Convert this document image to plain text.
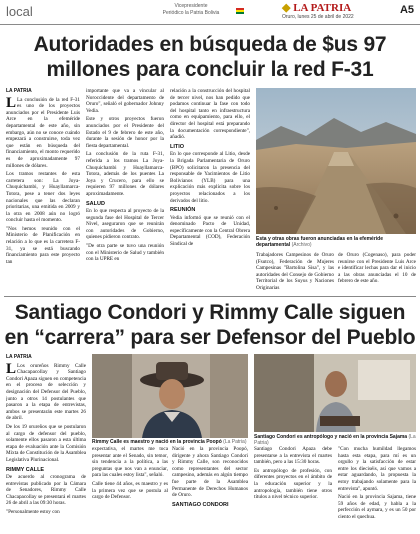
local	Vicepresidente
Periódico la Patria Bolivia	◆ LA PATRIA
Oruro, lunes 25 de abril de 2022
A5
Autoridades en búsqueda de $us 97 millones para concluir la red F-31
LA PATRIA

L La conclusión de la red F-31 es uno de los proyectos anunciados por el Presidente Luis Arce en la efeméride departamental de este año, sin embargo, aún no se conoce cuándo empezará a construirse, toda vez que están en búsqueda del financiamiento, el monto requerido es de aproximadamente 97 millones de dólares.

Los tramos restantes de esta carretera son: La Joya-Chuquichambi, y Huayllamarca-Totora, pese a tener dos leyes nacionales que las declaran prioritarias, una emitida en 2009 y la otra en 2008 aún no logró concluir hasta el momento.

"Nos hemos reunido con el Ministerio de Planificación en relación a lo que es la carretera F-31, ya se está buscando financiamiento para este proyecto tan

importante que va a vincular al Noroccidente del departamento de Oruro", señaló el gobernador Johnny Vedia.

Este y otros proyectos fueron anunciados por el Presidente del Estado el 9 de febrero de este año, durante la sesión de honor por la fiesta departamental.

La conclusión de la ruta F-31, referida a los tramos La Joya-Chuquichambi y Huayllamarca-Totora, además de los puentes La Joya y Crucero, para ello se requieren 97 millones de dólares aproximadamente.

SALUD

En lo que respecta al proyecto de la segunda fase del Hospital de Tercer Nivel, aseguraron que se reunirán con autoridades de Gobierno, quienes pidieron contrato.

"De otra parte se tuvo una reunión con el Ministerio de Salud y también con la UPRE en

relación a la construcción del hospital de tercer nivel, nos han pedido que podamos continuar la fase con todo del hospital tanto en infraestructura como en equipamiento, para ello, el director del hospital está preparando la documentación correspondiente", añadió.

LITIO

En lo que corresponde al Litio, desde la Brigada Parlamentaria de Oruro (BPO) solicitaron la presencia del responsable de Yacimientos de Litio Bolivianos (YLB) para una explicación más explícita sobre los proyectos relacionados a los derivados del litio.

REUNIÓN

Vedia informó que se reunió con el denominado Pacto de Unidad, específicamente con la Central Obrera Departamental (COD), Federación Sindical de

Esta y otras obras fueron anunciadas en la efeméride departamental (Archivo)

Trabajadores Campesinos de Oruro (Fsutco), Federación de Mujeres Campesinas "Bartolina Sisa", y las autoridades del Consejo de Gobierno Territorial de los Suyus y Naciones Originarias

de Oruro (Cogenaso), para poder reunirse con el Presidente Luis Arce e identificar lechas para dar el inicio a las obras anunciadas el 10 de febrero de este año.

Santiago Condori y Rimmy Calle siguen en “carrera” para ser Defensor del Pueblo
LA PATRIA

L Los orureños Rimmy Calle Chacapacollay y Santiago Condori Apaza siguen en competencia en el proceso de selección y designación del Defensor del Pueblo, junto a otros 14 postulantes que pasaron a la etapa de entrevistas, ambos se presentarán este martes 26 de abril.

De los 19 orureños que se postularon al cargo de defensor del pueblo, solamente ellos pasaron a esta última etapa de evaluación ante la Comisión Mixta de Constitución de la Asamblea Legislativa Plurinacional.

RIMMY CALLE

De acuerdo al cronograma de entrevistas publicado por la Cámara de Senadores, Rimmy Calle Chacapacollay se presentará el martes 26 de abril a las 09:30 horas.

"Personalmente estoy con

Rimmy Calle es maestro y nació en la provincia Poopó (La Patria)

expectativa, el martes me toca presentar ante el Senado, sin temor, sin tendencia a la política, a las preguntas que nos van a enunciar, para las cuales estoy lista", señaló.

Calle tiene 44 años, es maestro y es la primera vez que se postula al cargo de Defensor.

Nació en la provincia Poopó, dirigente y ahora Santiago Condori y Rimmy Calle, son reconocidos como representantes del sector campesino, además en algún tiempo fue parte de la Asamblea Permanente de Derechos Humanos de Oruro.

SANTIAGO CONDORI
Santiago Condori es antropólogo y nació en la provincia Sajama (La Patria)

Santiago Condori Apaza debe presentarse a la entrevista el martes también, pero a las 15:30 horas.

Es antropólogo de profesión, con diferentes proyectos en el ámbito de la educación superior y la antropología, también tiene otros títulos a nivel técnico superior.

"Con mucha humildad llegamos hasta esta etapa, para mí es un orgullo y la satisfacción de estar entre los dieciséis, así que vamos a estar aguardando, la propuesta la estoy trabajando solamente para la entrevista", apuntó.

Nació en la provincia Sajama, tiene 59 años de edad, y habla a la perfección el aymara, y es un 50 por ciento el quechua.
